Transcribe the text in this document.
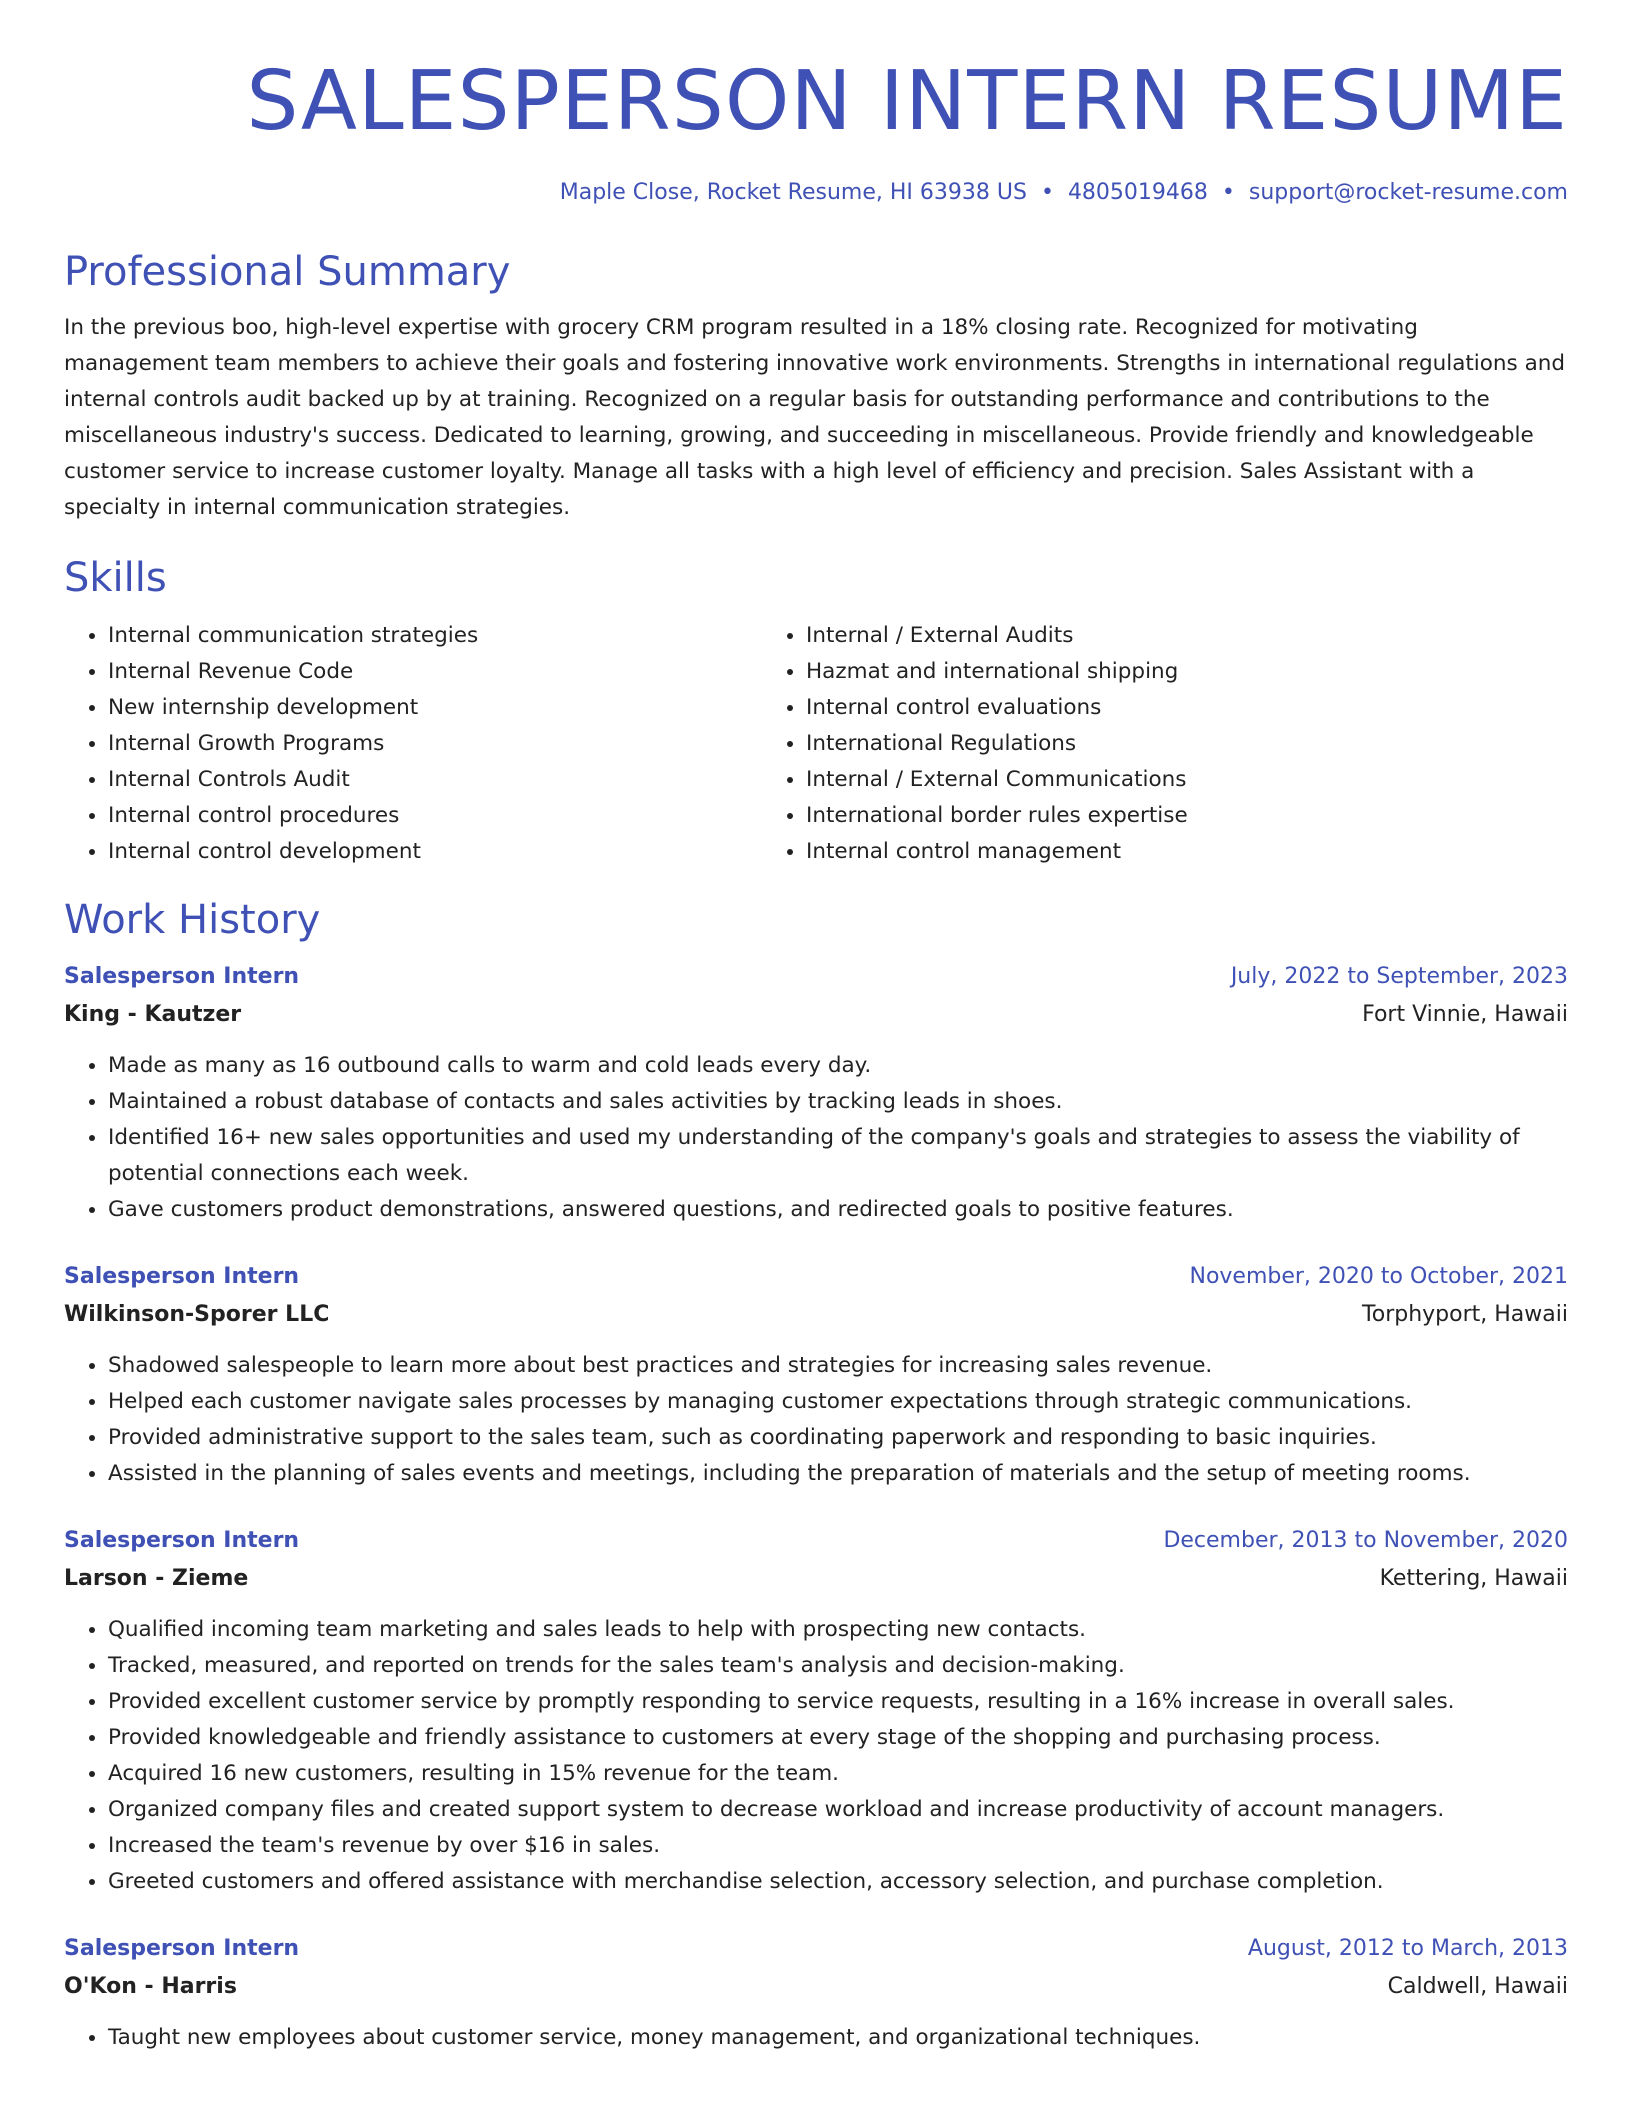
SALESPERSON INTERN RESUME
Maple Close, Rocket Resume, HI 63938 US • 4805019468 • support@rocket-resume.com
Professional Summary

In the previous boo, high-level expertise with grocery CRM program resulted in a 18% closing rate. Recognized for motivating management team members to achieve their goals and fostering innovative work environments. Strengths in international regulations and internal controls audit backed up by at training. Recognized on a regular basis for outstanding performance and contributions to the miscellaneous industry's success. Dedicated to learning, growing, and succeeding in miscellaneous. Provide friendly and knowledgeable customer service to increase customer loyalty. Manage all tasks with a high level of efficiency and precision. Sales Assistant with a specialty in internal communication strategies.

Skills
• Internal communication strategies
• Internal Revenue Code
• New internship development
• Internal Growth Programs
• Internal Controls Audit
• Internal control procedures
• Internal control development
• Internal / External Audits
• Hazmat and international shipping
• Internal control evaluations
• International Regulations
• Internal / External Communications
• International border rules expertise
• Internal control management
Work History
Salesperson Intern	July, 2022 to September, 2023
King - Kautzer	Fort Vinnie, Hawaii
• Made as many as 16 outbound calls to warm and cold leads every day.
• Maintained a robust database of contacts and sales activities by tracking leads in shoes.
• Identified 16+ new sales opportunities and used my understanding of the company's goals and strategies to assess the viability of potential connections each week.
• Gave customers product demonstrations, answered questions, and redirected goals to positive features.
Salesperson Intern	November, 2020 to October, 2021
Wilkinson-Sporer LLC	Torphyport, Hawaii
• Shadowed salespeople to learn more about best practices and strategies for increasing sales revenue.
• Helped each customer navigate sales processes by managing customer expectations through strategic communications.
• Provided administrative support to the sales team, such as coordinating paperwork and responding to basic inquiries.
• Assisted in the planning of sales events and meetings, including the preparation of materials and the setup of meeting rooms.
Salesperson Intern	December, 2013 to November, 2020
Larson - Zieme	Kettering, Hawaii
• Qualified incoming team marketing and sales leads to help with prospecting new contacts.
• Tracked, measured, and reported on trends for the sales team's analysis and decision-making.
• Provided excellent customer service by promptly responding to service requests, resulting in a 16% increase in overall sales.
• Provided knowledgeable and friendly assistance to customers at every stage of the shopping and purchasing process.
• Acquired 16 new customers, resulting in 15% revenue for the team.
• Organized company files and created support system to decrease workload and increase productivity of account managers.
• Increased the team's revenue by over $16 in sales.
• Greeted customers and offered assistance with merchandise selection, accessory selection, and purchase completion.
Salesperson Intern	August, 2012 to March, 2013
O'Kon - Harris	Caldwell, Hawaii
• Taught new employees about customer service, money management, and organizational techniques.
